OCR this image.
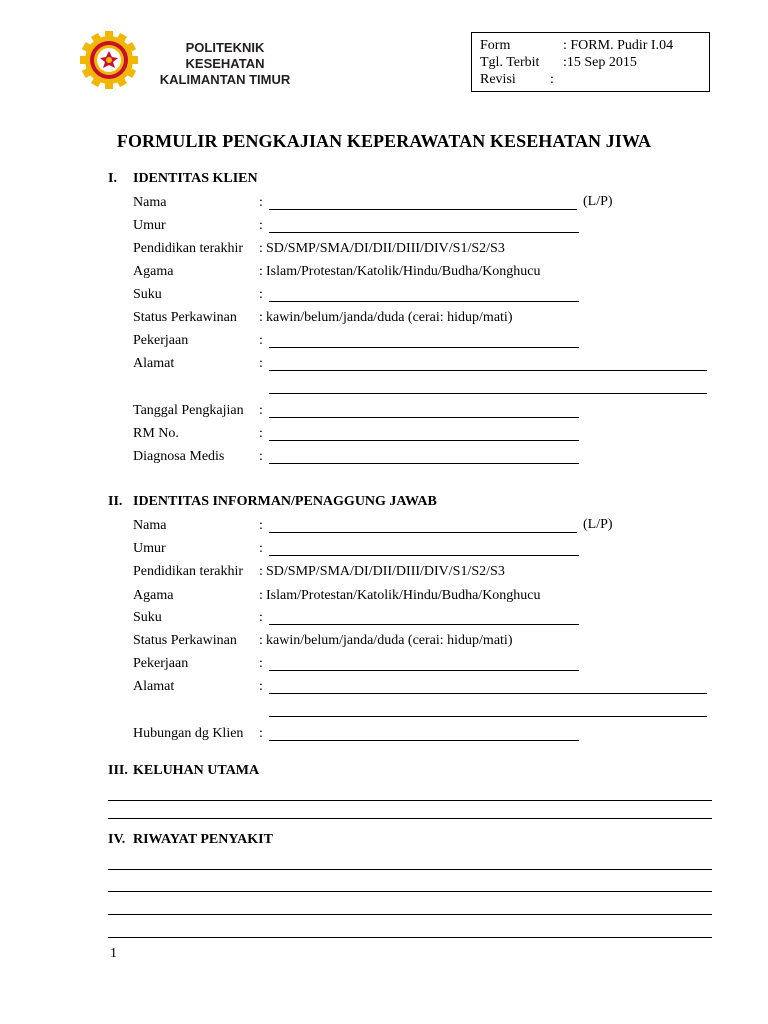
POLITEKNIK KESEHATAN
KALIMANTAN TIMUR
Form	: FORM. Pudir I.04
Tgl. Terbit	:15 Sep 2015
Revisi	:
FORMULIR PENGKAJIAN KEPERAWATAN KESEHATAN JIWA
I. IDENTITAS KLIEN
Nama	:	(L/P)
Umur	:
Pendidikan terakhir : SD/SMP/SMA/DI/DII/DIII/DIV/S1/S2/S3
Agama	: Islam/Protestan/Katolik/Hindu/Budha/Konghucu
Suku	:
Status Perkawinan : kawin/belum/janda/duda (cerai: hidup/mati)
Pekerjaan	:
Alamat	:
Tanggal Pengkajian :
RM No.	:
Diagnosa Medis :
II. IDENTITAS INFORMAN/PENAGGUNG JAWAB
Nama	:	(L/P)
Umur	:
Pendidikan terakhir : SD/SMP/SMA/DI/DII/DIII/DIV/S1/S2/S3
Agama	: Islam/Protestan/Katolik/Hindu/Budha/Konghucu
Suku	:
Status Perkawinan : kawin/belum/janda/duda (cerai: hidup/mati)
Pekerjaan	:
Alamat	:
Hubungan dg Klien :
III. KELUHAN UTAMA
IV. RIWAYAT PENYAKIT
1
